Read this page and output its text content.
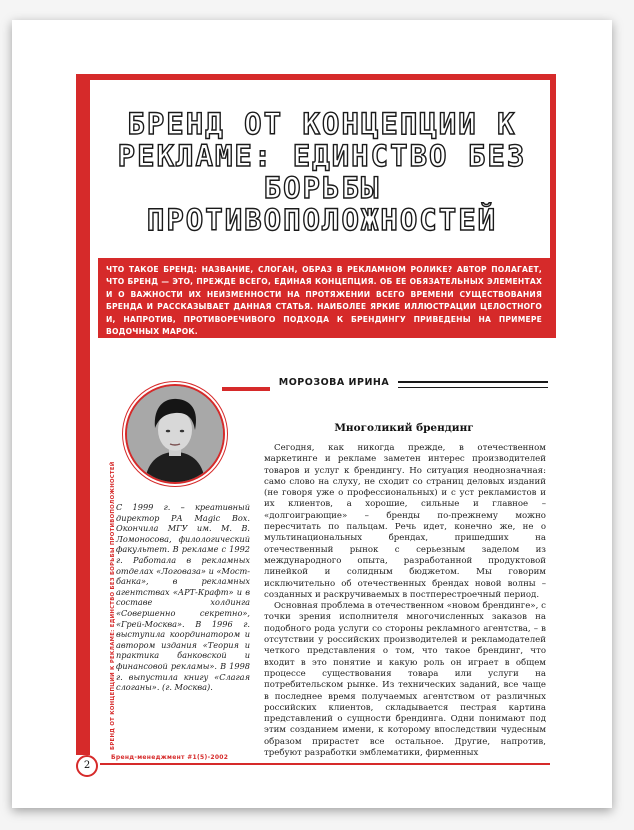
БРЕНД ОТ КОНЦЕПЦИИ К РЕКЛАМЕ: ЕДИНСТВО БЕЗ БОРЬБЫ ПРОТИВОПОЛОЖНОСТЕЙ
ЧТО ТАКОЕ БРЕНД: НАЗВАНИЕ, СЛОГАН, ОБРАЗ В РЕКЛАМНОМ РОЛИКЕ? АВТОР ПОЛАГАЕТ, ЧТО БРЕНД — ЭТО, ПРЕЖДЕ ВСЕГО, ЕДИНАЯ КОНЦЕПЦИЯ. ОБ ЕЕ ОБЯЗАТЕЛЬНЫХ ЭЛЕМЕНТАХ И О ВАЖНОСТИ ИХ НЕИЗМЕННОСТИ НА ПРОТЯЖЕНИИ ВСЕГО ВРЕМЕНИ СУЩЕСТВОВАНИЯ БРЕНДА И РАССКАЗЫВАЕТ ДАННАЯ СТАТЬЯ. НАИБОЛЕЕ ЯРКИЕ ИЛЛЮСТРАЦИИ ЦЕЛОСТНОГО И, НАПРОТИВ, ПРОТИВОРЕЧИВОГО ПОДХОДА К БРЕНДИНГУ ПРИВЕДЕНЫ НА ПРИМЕРЕ ВОДОЧНЫХ МАРОК.
МОРОЗОВА ИРИНА
БРЕНД ОТ КОНЦЕПЦИИ К РЕКЛАМЕ: ЕДИНСТВО БЕЗ БОРЬБЫ ПРОТИВОПОЛОЖНОСТЕЙ С 1999 г. – креативный директор РА Magic Box. Окончила МГУ им. М. В. Ломоносова, филологический факультет. В рекламе с 1992 г. Работала в рекламных отделах «Логоваза» и «Мост-банка», в рекламных агентствах «АРТ-Крафт» и в составе холдинга «Совершенно секретно», «Грей-Москва». В 1996 г. выступила координатором и автором издания «Теория и практика банковской и финансовой рекламы». В 1998 г. выпустила книгу «Слагая слоганы». (г. Москва).

Многоликий брендинг

Сегодня, как никогда прежде, в отечественном маркетинге и рекламе заметен интерес производителей товаров и услуг к брендингу. Но ситуация неоднозначная: само слово на слуху, не сходит со страниц деловых изданий (не говоря уже о профессиональных) и с уст рекламистов и их клиентов, а хорошие, сильные и главное – «долгоиграющие» – бренды по-прежнему можно пересчитать по пальцам. Речь идет, конечно же, не о мультинациональных брендах, пришедших на отечественный рынок с серьезным заделом из международного опыта, разработанной продуктовой линейкой и солидным бюджетом. Мы говорим исключительно об отечественных брендах новой волны – созданных и раскручиваемых в постперестроечный период.

Основная проблема в отечественном «новом брендинге», с точки зрения исполнителя многочисленных заказов на подобного рода услуги со стороны рекламного агентства, – в отсутствии у российских производителей и рекламодателей четкого представления о том, что такое брендинг, что входит в это понятие и какую роль он играет в общем процессе существования товара или услуги на потребительском рынке. Из технических заданий, все чаще в последнее время получаемых агентством от различных российских клиентов, складывается пестрая картина представлений о сущности брендинга. Одни понимают под этим созданием имени, к которому впоследствии чудесным образом прирастет все остальное. Другие, напротив, требуют разработки эмблематики, фирменных

2
Бренд-менеджмент #1(5)-2002
